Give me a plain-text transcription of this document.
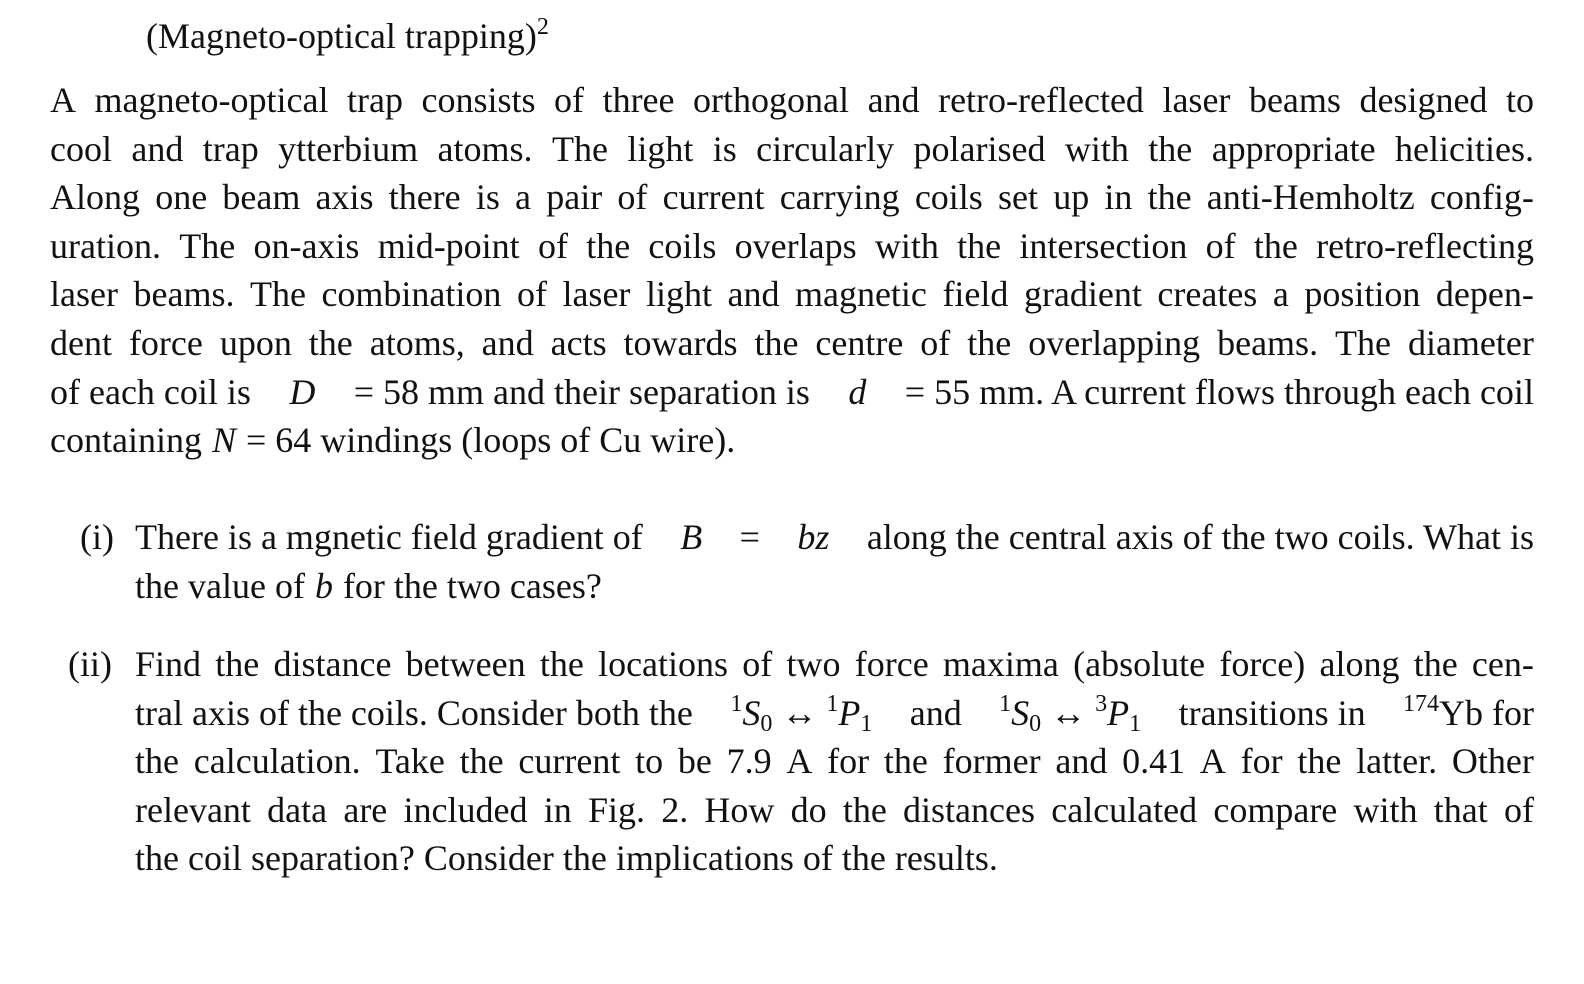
(Magneto-optical trapping)$^2$
A magneto-optical trap consists of three orthogonal and retro-reflected laser beams designed to
cool and trap ytterbium atoms. The light is circularly polarised with the appropriate helicities.
Along one beam axis there is a pair of current carrying coils set up in the anti-Hemholtz config-
uration. The on-axis mid-point of the coils overlaps with the intersection of the retro-reflecting
laser beams. The combination of laser light and magnetic field gradient creates a position depen-
dent force upon the atoms, and acts towards the centre of the overlapping beams. The diameter
of each coil is D = 58 mm and their separation is d = 55 mm. A current flows through each coil
containing N = 64 windings (loops of Cu wire).
(i) There is a mgnetic field gradient of B = bz along the central axis of the two coils. What is
the value of b for the two cases?
(ii) Find the distance between the locations of two force maxima (absolute force) along the cen-
tral axis of the coils. Consider both the $^1S_0$ ↔ $^1P_1$ and $^1S_0$ ↔ $^3P_1$ transitions in $^{174}$Yb for
the calculation. Take the current to be 7.9 A for the former and 0.41 A for the latter. Other
relevant data are included in Fig. 2. How do the distances calculated compare with that of
the coil separation? Consider the implications of the results.
